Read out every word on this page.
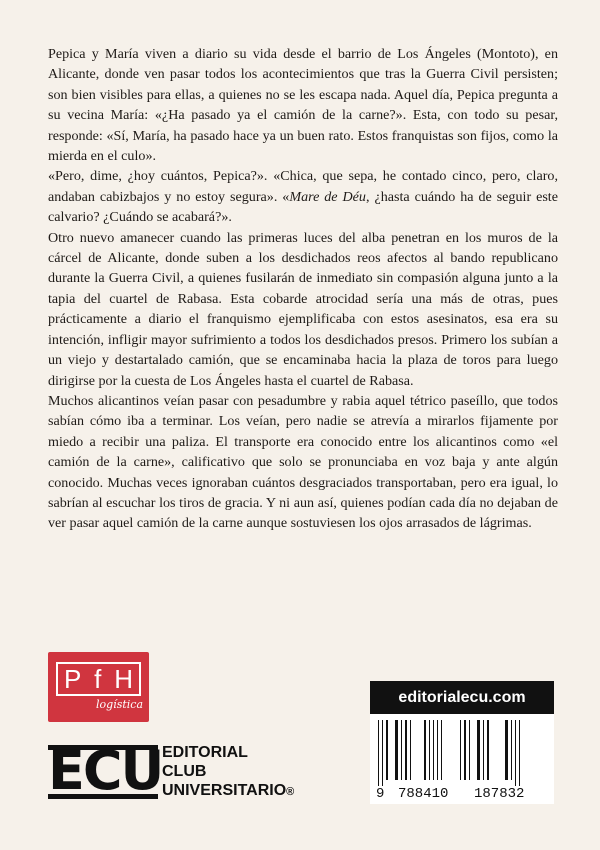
Pepica y María viven a diario su vida desde el barrio de Los Ángeles (Montoto), en Alicante, donde ven pasar todos los acontecimientos que tras la Guerra Civil persisten; son bien visibles para ellas, a quienes no se les escapa nada. Aquel día, Pepica pregunta a su vecina María: «¿Ha pasado ya el camión de la carne?». Esta, con todo su pesar, responde: «Sí, María, ha pasado hace ya un buen rato. Estos franquistas son fijos, como la mierda en el culo».

«Pero, dime, ¿hoy cuántos, Pepica?». «Chica, que sepa, he contado cinco, pero, claro, andaban cabizbajos y no estoy segura». «Mare de Déu, ¿hasta cuándo ha de seguir este calvario? ¿Cuándo se acabará?».

Otro nuevo amanecer cuando las primeras luces del alba penetran en los muros de la cárcel de Alicante, donde suben a los desdichados reos afectos al bando republicano durante la Guerra Civil, a quienes fusilarán de inmediato sin compasión alguna junto a la tapia del cuartel de Rabasa. Esta cobarde atrocidad sería una más de otras, pues prácticamente a diario el franquismo ejemplificaba con estos asesinatos, esa era su intención, infligir mayor sufrimiento a todos los desdichados presos. Primero los subían a un viejo y destartalado camión, que se encaminaba hacia la plaza de toros para luego dirigirse por la cuesta de Los Ángeles hasta el cuartel de Rabasa.

Muchos alicantinos veían pasar con pesadumbre y rabia aquel tétrico paseíllo, que todos sabían cómo iba a terminar. Los veían, pero nadie se atrevía a mirarlos fijamente por miedo a recibir una paliza. El transporte era conocido entre los alicantinos como «el camión de la carne», calificativo que solo se pronunciaba en voz baja y ante algún conocido. Muchas veces ignoraban cuántos desgraciados transportaban, pero era igual, lo sabrían al escuchar los tiros de gracia. Y ni aun así, quienes podían cada día no dejaban de ver pasar aquel camión de la carne aunque sostuviesen los ojos arrasados de lágrimas.

P f H
logística
ECU EDITORIAL
CLUB
UNIVERSITARIO®
editorialecu.com
9 788410 187832
